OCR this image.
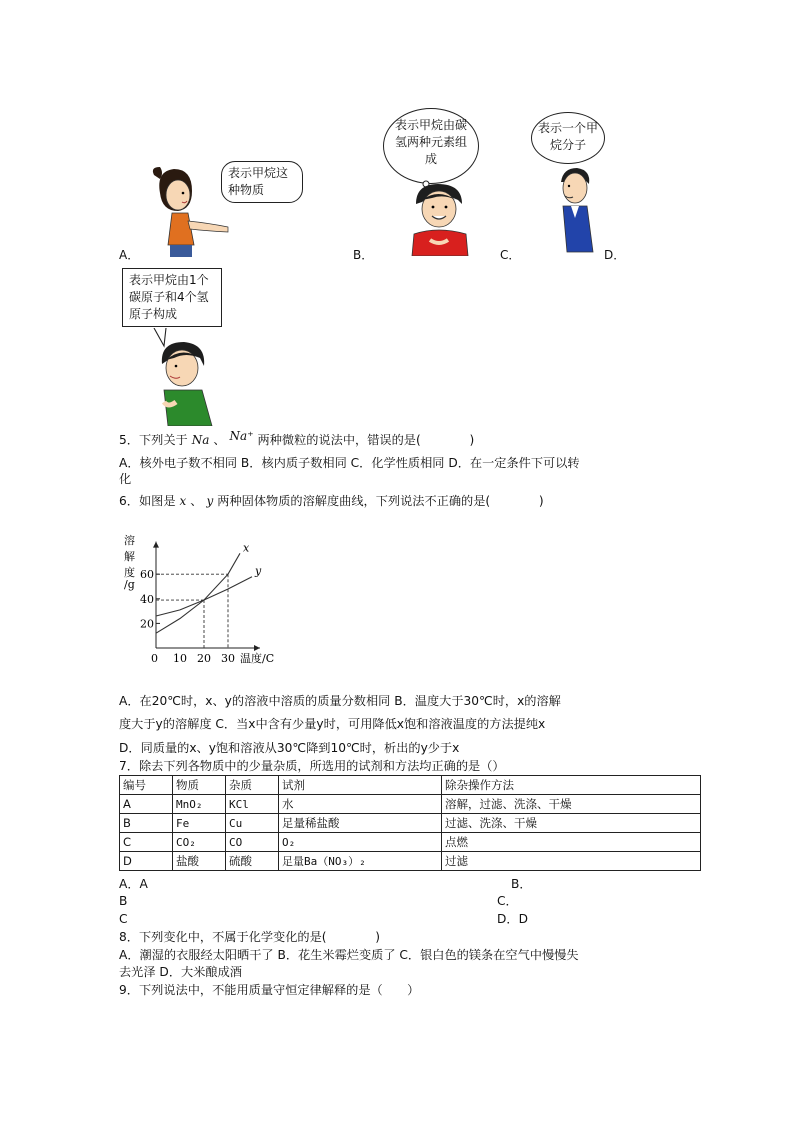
表示甲烷这种物质
A．
表示甲烷由碳氢两种元素组成
B．
表示一个甲烷分子
C．	D．
表示甲烷由1个碳原子和4个氢原子构成
5．下列关于 Na 、 Na⁺ 两种微粒的说法中，错误的是(　　　　)
A．核外电子数不相同 B．核内质子数相同 C．化学性质相同 D．在一定条件下可以转
化
6．如图是 x 、 y 两种固体物质的溶解度曲线，下列说法不正确的是(　　　　)
溶
解
度
/g
0 10 20 30
20
40
60
温度/C
x
y
A．在20℃时，x、y的溶液中溶质的质量分数相同 B．温度大于30℃时，x的溶解
度大于y的溶解度 C．当x中含有少量y时，可用降低x饱和溶液温度的方法提纯x
D．同质量的x、y饱和溶液从30℃降到10℃时，析出的y少于x
7．除去下列各物质中的少量杂质，所选用的试剂和方法均正确的是（）
编号	物质	杂质	试剂	除杂操作方法
A	MnO₂	KCl	水	溶解，过滤、洗涤、干燥
B	Fe	Cu	足量稀盐酸	过滤、洗涤、干燥
C	CO₂	CO	O₂	点燃
D	盐酸	硫酸	足量Ba（NO₃）₂	过滤
A．A	B．
B	C．
C	D．D
8．下列变化中，不属于化学变化的是(　　　　)
A．潮湿的衣服经太阳晒干了 B．花生米霉烂变质了 C．银白色的镁条在空气中慢慢失
去光泽 D．大米酿成酒
9．下列说法中，不能用质量守恒定律解释的是（　　）
